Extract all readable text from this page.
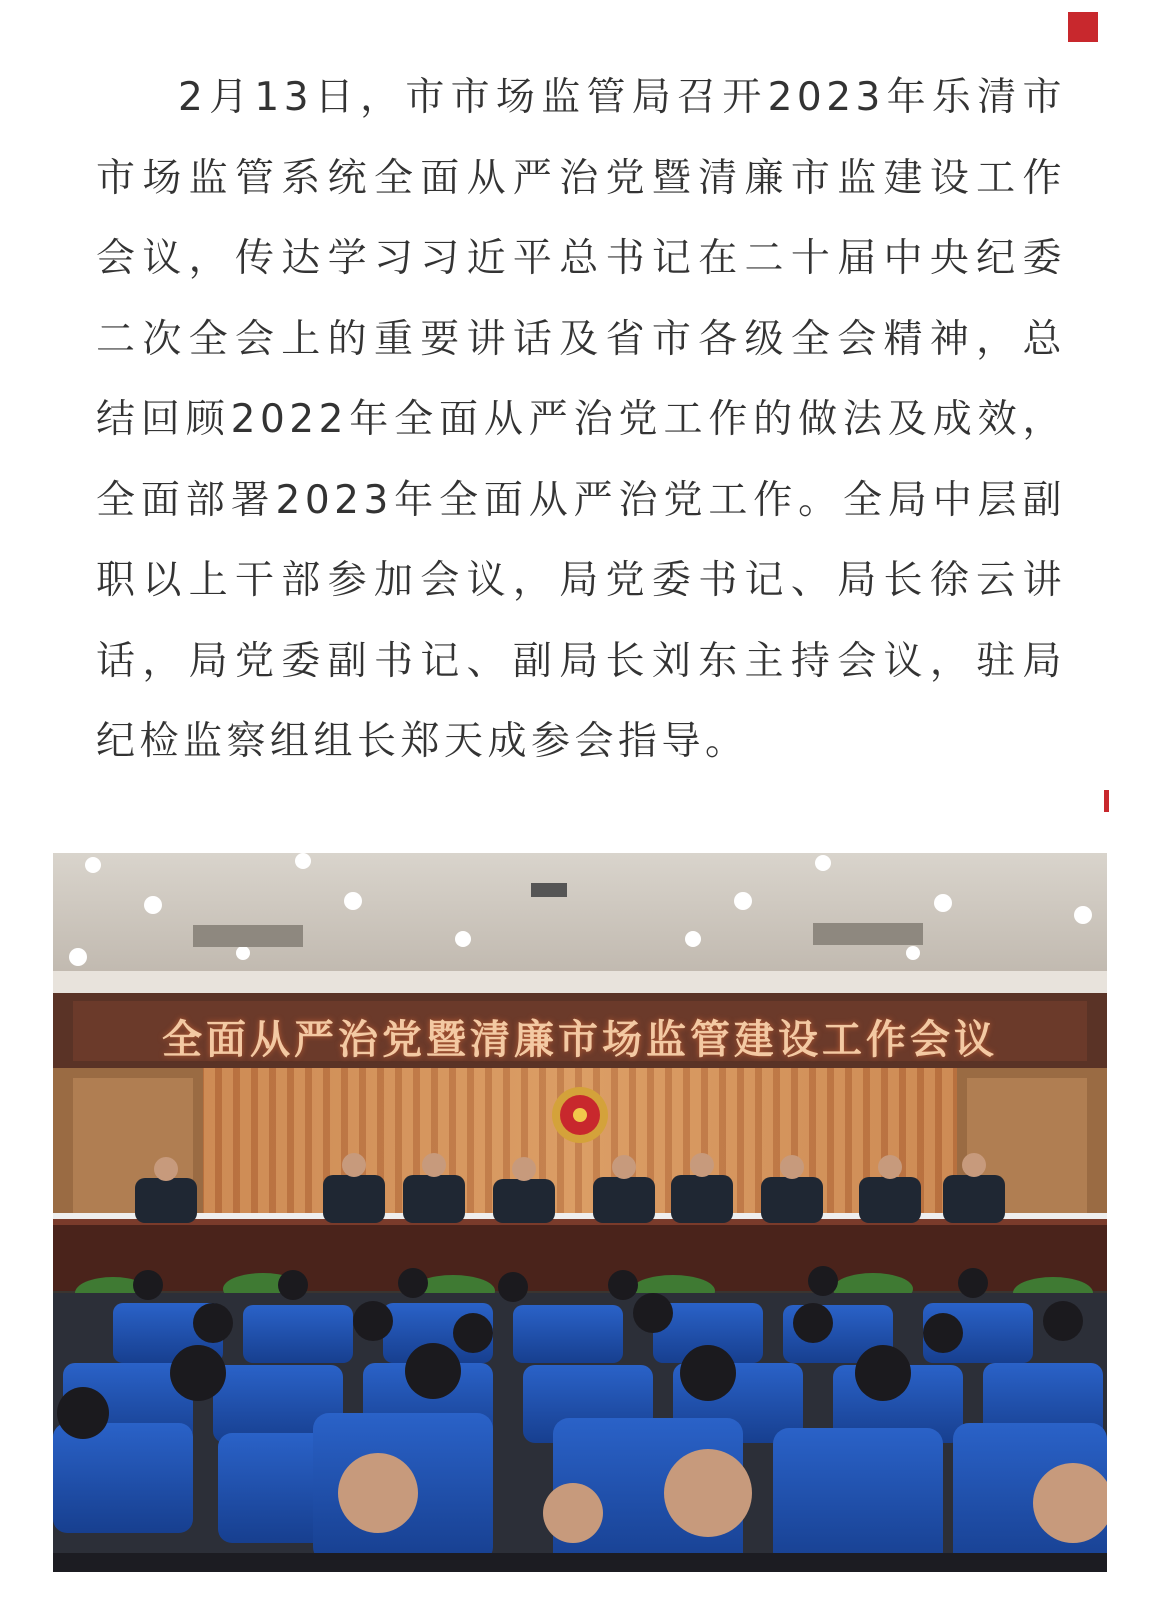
2月13日，市市场监管局召开2023年乐清市
市场监管系统全面从严治党暨清廉市监建设工作
会议，传达学习习近平总书记在二十届中央纪委
二次全会上的重要讲话及省市各级全会精神，总
结回顾2022年全面从严治党工作的做法及成效，
全面部署2023年全面从严治党工作。全局中层副
职以上干部参加会议，局党委书记、局长徐云讲
话，局党委副书记、副局长刘东主持会议，驻局
纪检监察组组长郑天成参会指导。
全面从严治党暨清廉市场监管建设工作会议
